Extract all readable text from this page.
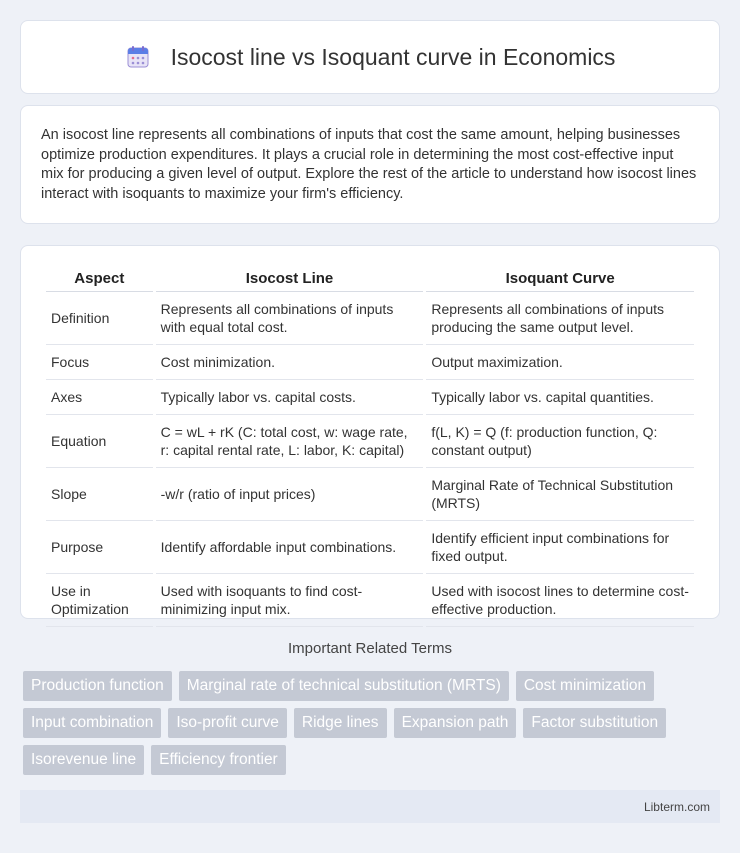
Isocost line vs Isoquant curve in Economics

An isocost line represents all combinations of inputs that cost the same amount, helping businesses optimize production expenditures. It plays a crucial role in determining the most cost-effective input mix for producing a given level of output. Explore the rest of the article to understand how isocost lines interact with isoquants to maximize your firm's efficiency.

Aspect	Isocost Line	Isoquant Curve
Definition	Represents all combinations of inputs with equal total cost.	Represents all combinations of inputs producing the same output level.
Focus	Cost minimization.	Output maximization.
Axes	Typically labor vs. capital costs.	Typically labor vs. capital quantities.
Equation	C = wL + rK (C: total cost, w: wage rate, r: capital rental rate, L: labor, K: capital)	f(L, K) = Q (f: production function, Q: constant output)
Slope	-w/r (ratio of input prices)	Marginal Rate of Technical Substitution (MRTS)
Purpose	Identify affordable input combinations.	Identify efficient input combinations for fixed output.
Use in Optimization	Used with isoquants to find cost-minimizing input mix.	Used with isocost lines to determine cost-effective production.
Important Related Terms
Production function	Marginal rate of technical substitution (MRTS)	Cost minimization
Input combination	Iso-profit curve	Ridge lines	Expansion path	Factor substitution
Isorevenue line	Efficiency frontier
Libterm.com
